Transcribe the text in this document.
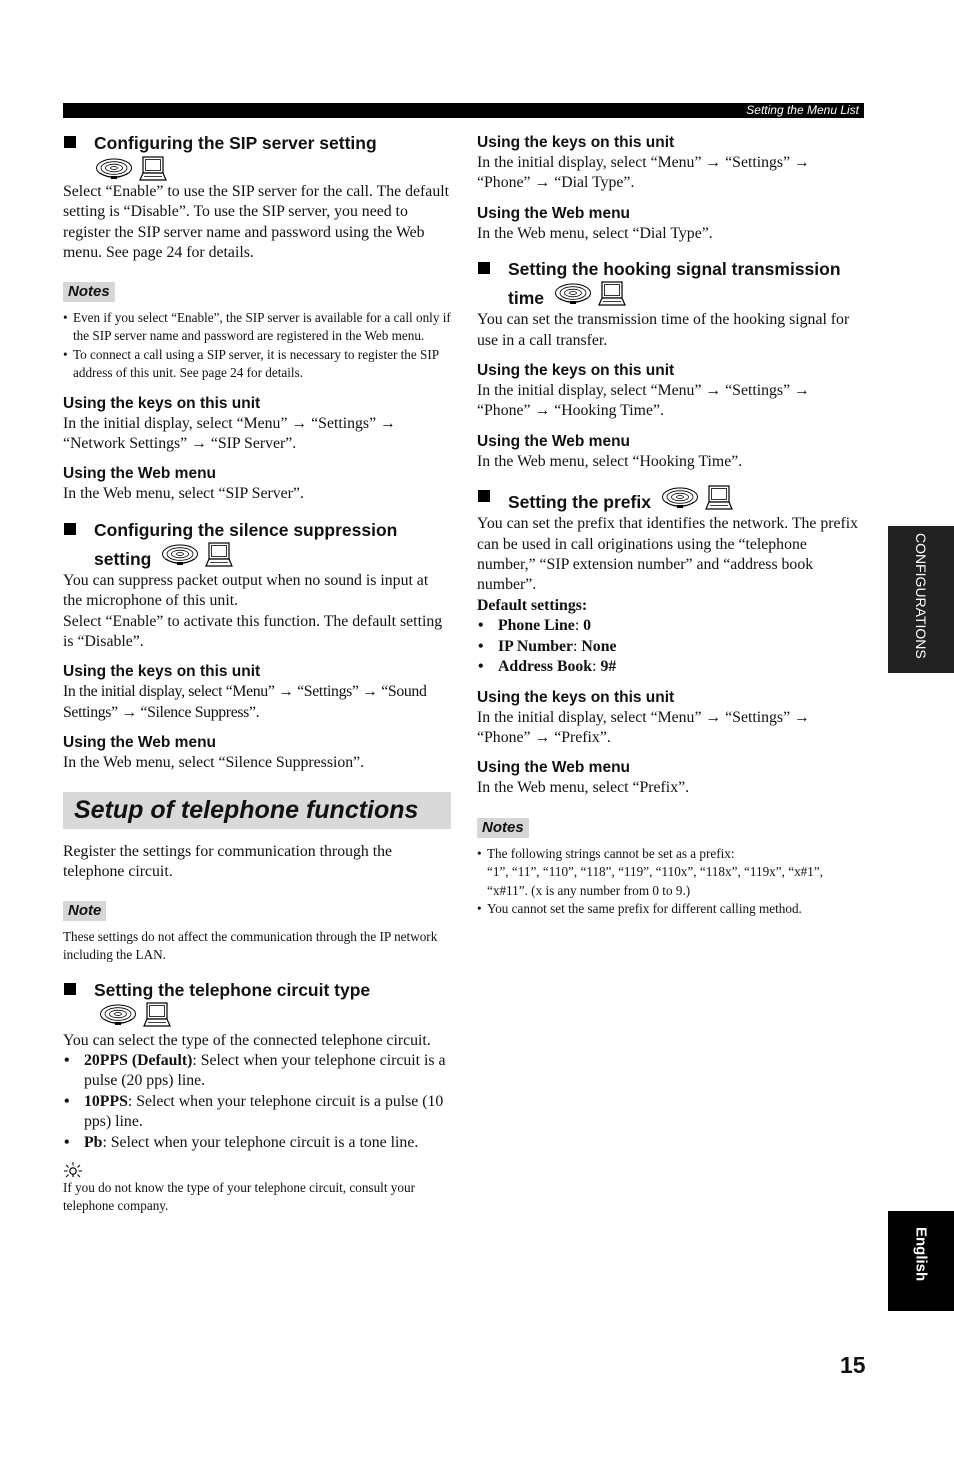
Setting the Menu List
Configuring the SIP server setting

Select “Enable” to use the SIP server for the call. The default setting is “Disable”. To use the SIP server, you need to register the SIP server name and password using the Web menu. See page 24 for details.

Notes
• Even if you select “Enable”, the SIP server is available for a call only if the SIP server name and password are registered in the Web menu.
• To connect a call using a SIP server, it is necessary to register the SIP address of this unit. See page 24 for details.
Using the keys on this unit

In the initial display, select “Menu” → “Settings” → “Network Settings” → “SIP Server”.

Using the Web menu

In the Web menu, select “SIP Server”.

Configuring the silence suppression
setting

You can suppress packet output when no sound is input at the microphone of this unit.

Select “Enable” to activate this function. The default setting is “Disable”.

Using the keys on this unit

In the initial display, select “Menu” → “Settings” → “Sound Settings” → “Silence Suppress”.

Using the Web menu

In the Web menu, select “Silence Suppression”.

Setup of telephone functions

Register the settings for communication through the telephone circuit.

Note
These settings do not affect the communication through the IP network including the LAN.
Setting the telephone circuit type

You can select the type of the connected telephone circuit.

• 20PPS (Default): Select when your telephone circuit is a pulse (20 pps) line.
• 10PPS: Select when your telephone circuit is a pulse (10 pps) line.
• Pb: Select when your telephone circuit is a tone line.
If you do not know the type of your telephone circuit, consult your telephone company.
Using the keys on this unit

In the initial display, select “Menu” → “Settings” → “Phone” → “Dial Type”.

Using the Web menu

In the Web menu, select “Dial Type”.

Setting the hooking signal transmission
time

You can set the transmission time of the hooking signal for use in a call transfer.

Using the keys on this unit

In the initial display, select “Menu” → “Settings” → “Phone” → “Hooking Time”.

Using the Web menu

In the Web menu, select “Hooking Time”.

Setting the prefix

You can set the prefix that identifies the network. The prefix can be used in call originations using the “telephone number,” “SIP extension number” and “address book number”.

Default settings:

• Phone Line: 0
• IP Number: None
• Address Book: 9#
Using the keys on this unit

In the initial display, select “Menu” → “Settings” → “Phone” → “Prefix”.

Using the Web menu

In the Web menu, select “Prefix”.

Notes
• The following strings cannot be set as a prefix:
“1”, “11”, “110”, “118”, “119”, “110x”, “118x”, “119x”, “x#1”, “x#11”. (x is any number from 0 to 9.)
• You cannot set the same prefix for different calling method.
CONFIGURATIONS
English
15
